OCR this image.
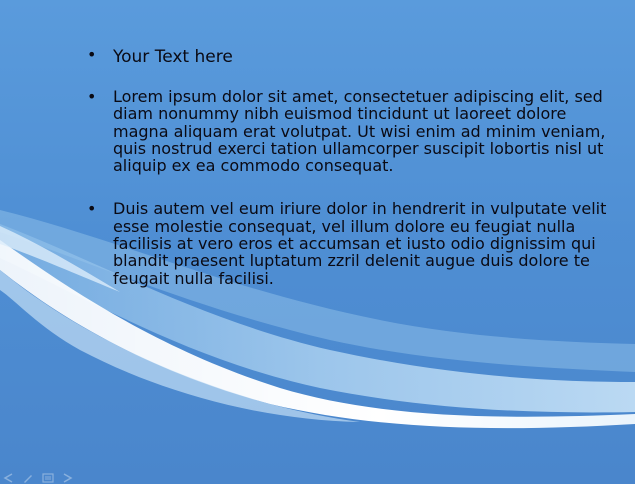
• Your Text here
• Lorem ipsum dolor sit amet, consectetuer adipiscing elit, sed diam nonummy nibh euismod tincidunt ut laoreet dolore magna aliquam erat volutpat. Ut wisi enim ad minim veniam, quis nostrud exerci tation ullamcorper suscipit lobortis nisl ut aliquip ex ea commodo consequat.
• Duis autem vel eum iriure dolor in hendrerit in vulputate velit esse molestie consequat, vel illum dolore eu feugiat nulla facilisis at vero eros et accumsan et iusto odio dignissim qui blandit praesent luptatum zzril delenit augue duis dolore te feugait nulla facilisi.
